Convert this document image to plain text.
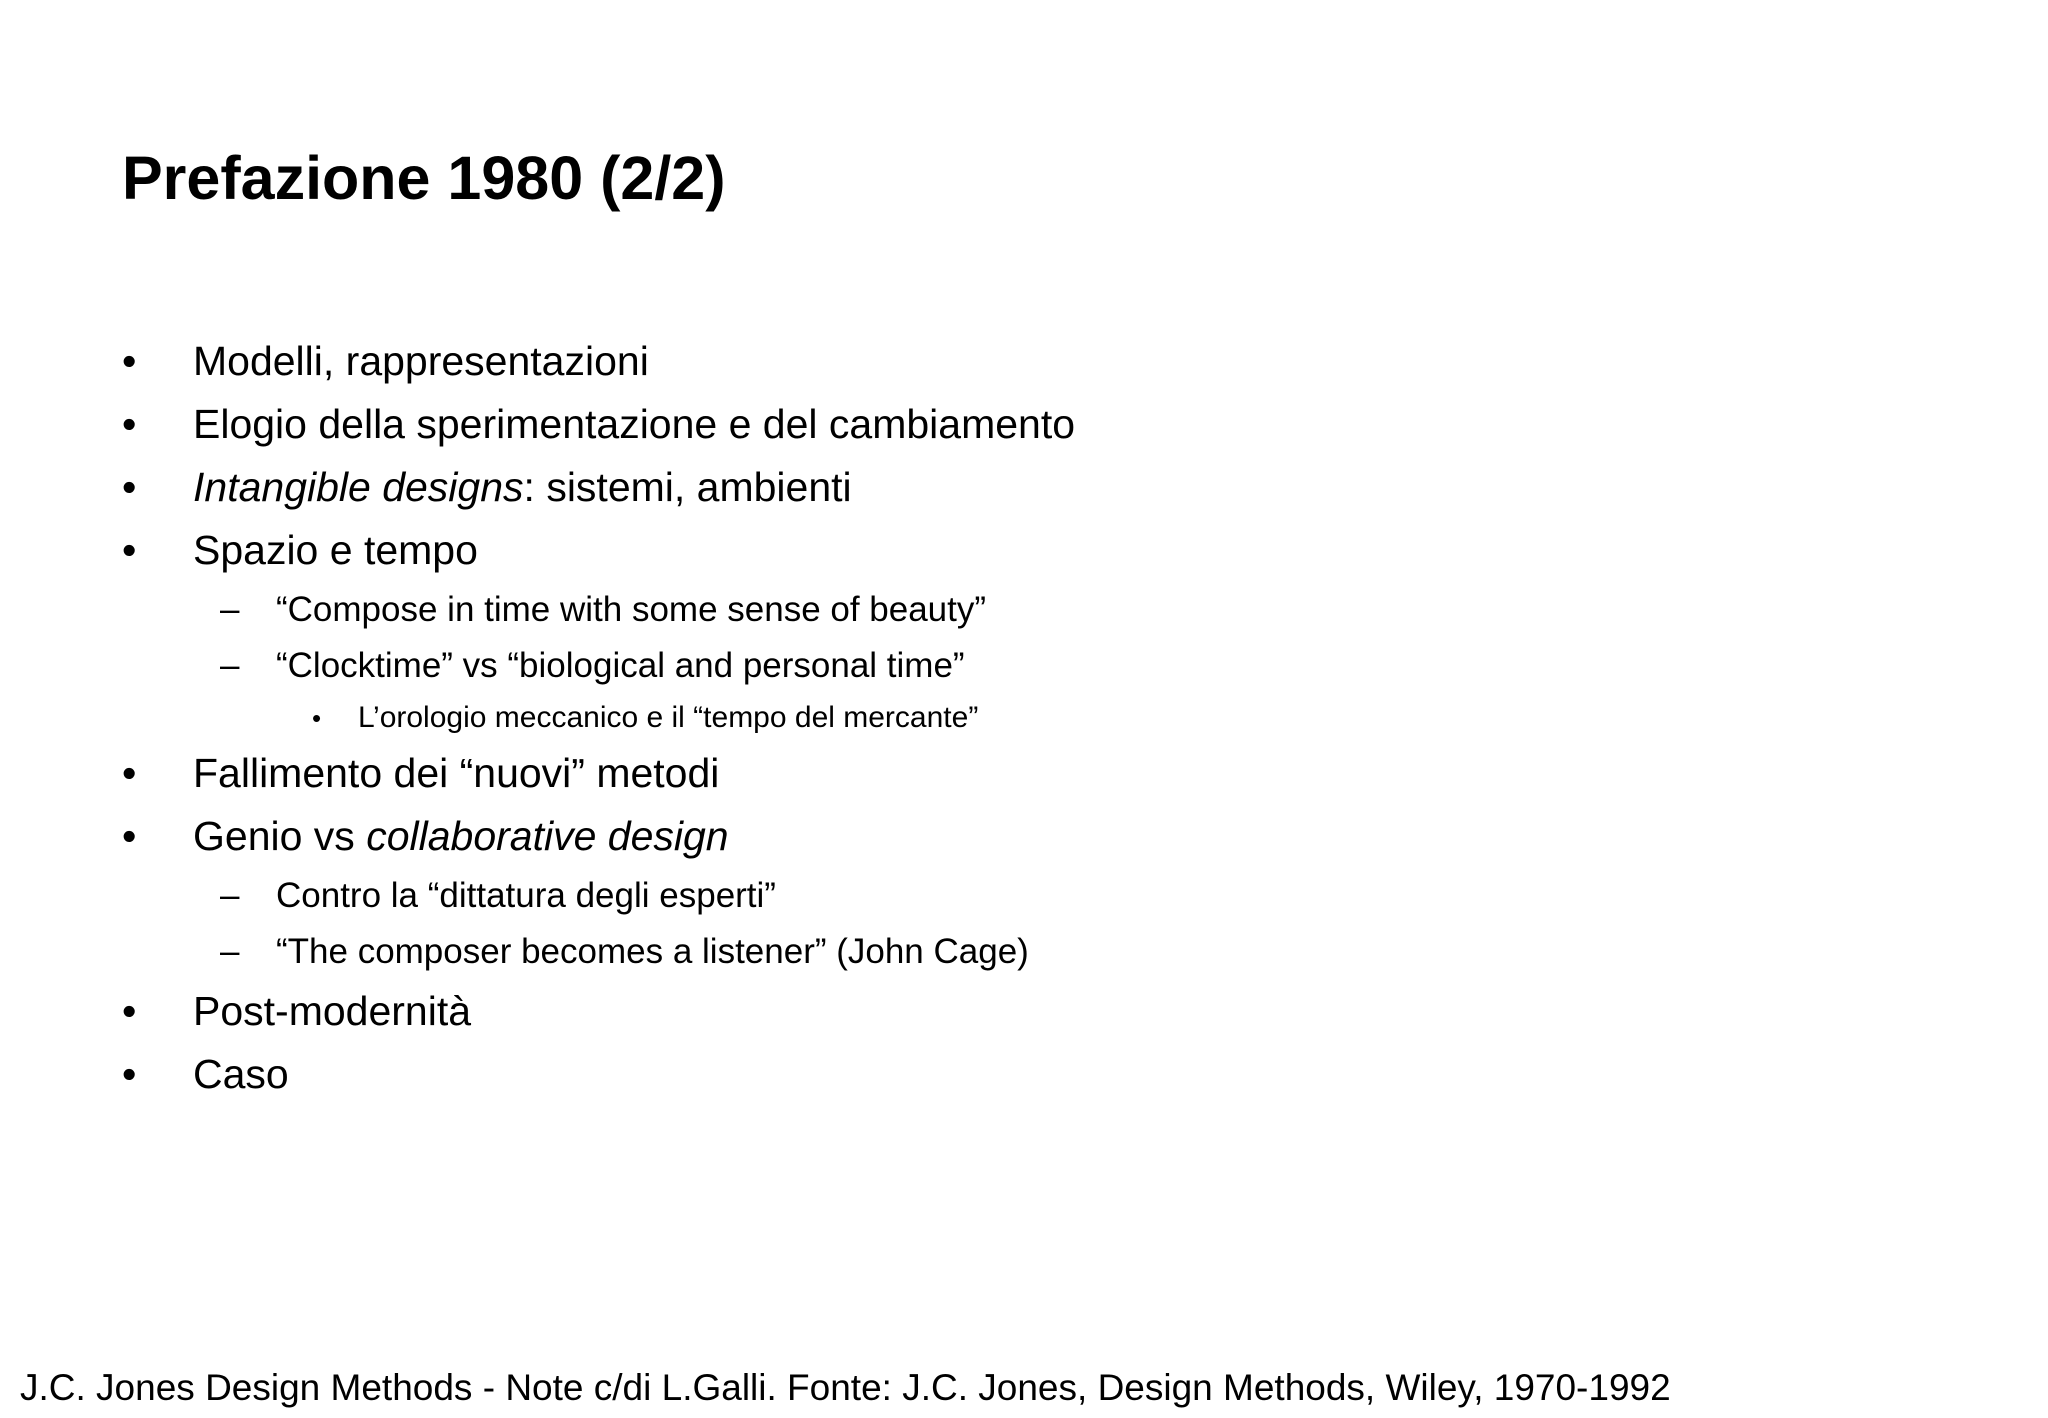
Prefazione 1980 (2/2)
• Modelli, rappresentazioni
• Elogio della sperimentazione e del cambiamento
• Intangible designs: sistemi, ambienti
• Spazio e tempo
– “Compose in time with some sense of beauty”
– “Clocktime” vs “biological and personal time”
• L’orologio meccanico e il “tempo del mercante”
• Fallimento dei “nuovi” metodi
• Genio vs collaborative design
– Contro la “dittatura degli esperti”
– “The composer becomes a listener” (John Cage)
• Post-modernità
• Caso
J.C. Jones Design Methods - Note c/di L.Galli. Fonte: J.C. Jones, Design Methods, Wiley, 1970-1992
